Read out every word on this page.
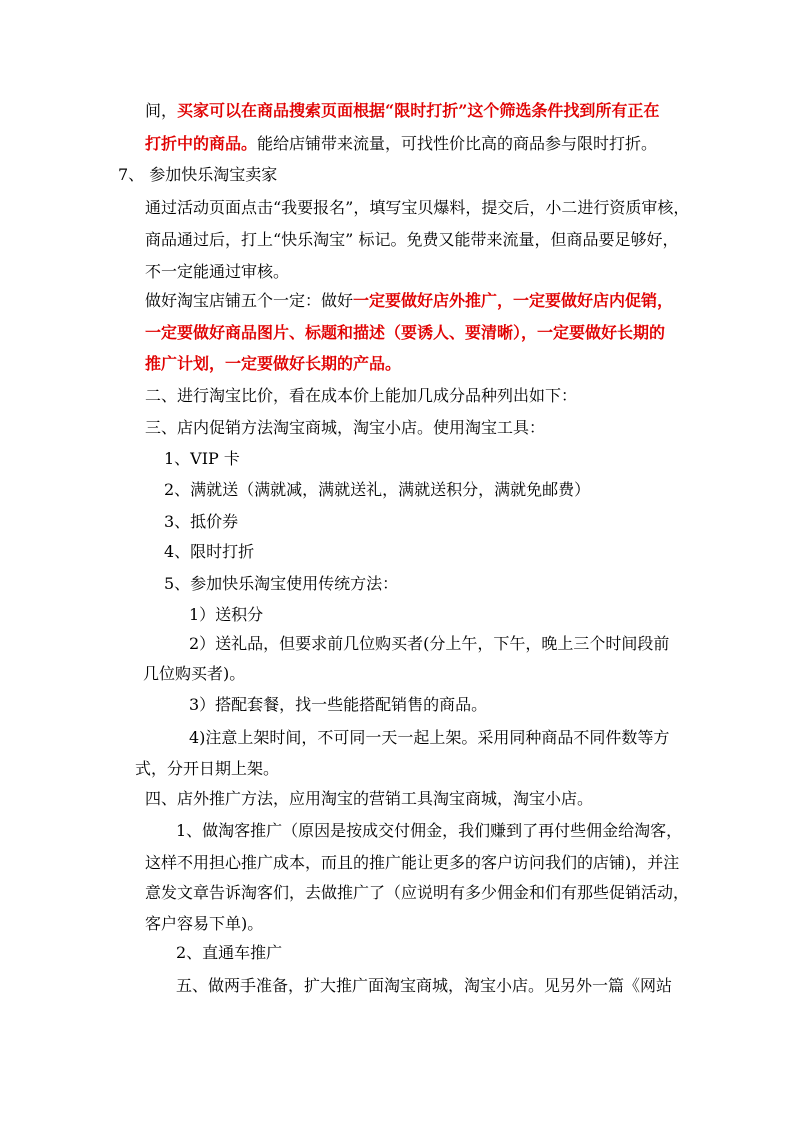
间，买家可以在商品搜索页面根据“限时打折”这个筛选条件找到所有正在
打折中的商品。能给店铺带来流量，可找性价比高的商品参与限时打折。
7、 参加快乐淘宝卖家
通过活动页面点击“我要报名”，填写宝贝爆料，提交后，小二进行资质审核，
商品通过后，打上“快乐淘宝” 标记。免费又能带来流量，但商品要足够好，
不一定能通过审核。
做好淘宝店铺五个一定：做好一定要做好店外推广，一定要做好店内促销，
一定要做好商品图片、标题和描述（要诱人、要清晰），一定要做好长期的
推广计划，一定要做好长期的产品。
二、进行淘宝比价，看在成本价上能加几成分品种列出如下：
三、店内促销方法淘宝商城，淘宝小店。使用淘宝工具：
1、VIP 卡
2、满就送（满就减，满就送礼，满就送积分，满就免邮费）
3、抵价券
4、限时打折
5、参加快乐淘宝使用传统方法：
1）送积分
2）送礼品，但要求前几位购买者(分上午，下午，晚上三个时间段前
几位购买者)。
3）搭配套餐，找一些能搭配销售的商品。
4)注意上架时间，不可同一天一起上架。采用同种商品不同件数等方
式，分开日期上架。
四、店外推广方法，应用淘宝的营销工具淘宝商城，淘宝小店。
1、做淘客推广（原因是按成交付佣金，我们赚到了再付些佣金给淘客，
这样不用担心推广成本，而且的推广能让更多的客户访问我们的店铺)，并注
意发文章告诉淘客们，去做推广了（应说明有多少佣金和们有那些促销活动，
客户容易下单)。
2、直通车推广
五、做两手准备，扩大推广面淘宝商城，淘宝小店。见另外一篇《网站
